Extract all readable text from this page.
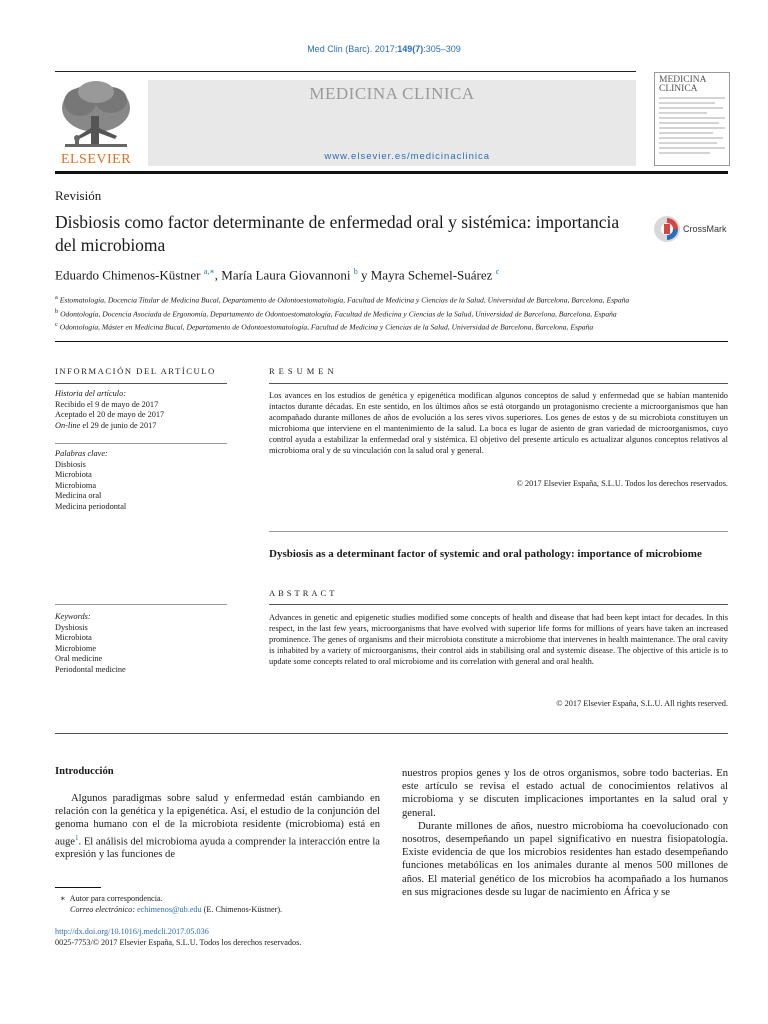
Med Clin (Barc). 2017;149(7):305–309
ELSEVIER
MEDICINA CLINICA
www.elsevier.es/medicinaclinica
MEDICINA CLINICA
Revisión
Disbiosis como factor determinante de enfermedad oral y sistémica: importancia del microbioma
CrossMark
Eduardo Chimenos-Küstner $^{a,∗}$, María Laura Giovannoni $^b$ y Mayra Schemel-Suárez $^c$
$^a$ Estomatología, Docencia Titular de Medicina Bucal, Departamento de Odontoestomatología, Facultad de Medicina y Ciencias de la Salud, Universidad de Barcelona, Barcelona, España
$^b$ Odontología, Docencia Asociada de Ergonomía, Departamento de Odontoestomatología, Facultad de Medicina y Ciencias de la Salud, Universidad de Barcelona, Barcelona, España
$^c$ Odontología, Máster en Medicina Bucal, Departamento de Odontoestomatología, Facultad de Medicina y Ciencias de la Salud, Universidad de Barcelona, Barcelona, España
INFORMACIÓN DEL ARTÍCULO
Historia del artículo:
Recibido el 9 de mayo de 2017
Aceptado el 20 de mayo de 2017
On-line el 29 de junio de 2017
Palabras clave:
Disbiosis
Microbiota
Microbioma
Medicina oral
Medicina periodontal
Keywords:
Dysbiosis
Microbiota
Microbiome
Oral medicine
Periodontal medicine
RESUMEN
Los avances en los estudios de genética y epigenética modifican algunos conceptos de salud y enfermedad que se habían mantenido intactos durante décadas. En este sentido, en los últimos años se está otorgando un protagonismo creciente a microorganismos que han acompañado durante millones de años de evolución a los seres vivos superiores. Los genes de estos y de su microbiota constituyen un microbioma que interviene en el mantenimiento de la salud. La boca es lugar de asiento de gran variedad de microorganismos, cuyo control ayuda a estabilizar la enfermedad oral y sistémica. El objetivo del presente artículo es actualizar algunos conceptos relativos al microbioma oral y de su vinculación con la salud oral y general.
© 2017 Elsevier España, S.L.U. Todos los derechos reservados.
Dysbiosis as a determinant factor of systemic and oral pathology: importance of microbiome
ABSTRACT
Advances in genetic and epigenetic studies modified some concepts of health and disease that had been kept intact for decades. In this respect, in the last few years, microorganisms that have evolved with superior life forms for millions of years have taken an increased prominence. The genes of organisms and their microbiota constitute a microbiome that intervenes in health maintenance. The oral cavity is inhabited by a variety of microorganisms, their control aids in stabilising oral and systemic disease. The objective of this article is to update some concepts related to oral microbiome and its correlation with general and oral health.
© 2017 Elsevier España, S.L.U. All rights reserved.
Introducción

Algunos paradigmas sobre salud y enfermedad están cambiando en relación con la genética y la epigenética. Así, el estudio de la conjunción del genoma humano con el de la microbiota residente (microbioma) está en auge$^1$. El análisis del microbioma ayuda a comprender la interacción entre la expresión y las funciones de

nuestros propios genes y los de otros organismos, sobre todo bacterias. En este artículo se revisa el estado actual de conocimientos relativos al microbioma y se discuten implicaciones importantes en la salud oral y general.

Durante millones de años, nuestro microbioma ha coevolucionado con nosotros, desempeñando un papel significativo en nuestra fisiopatología. Existe evidencia de que los microbios residentes han estado desempeñando funciones metabólicas en los animales durante al menos 500 millones de años. El material genético de los microbios ha acompañado a los humanos en sus migraciones desde su lugar de nacimiento en África y se

∗ Autor para correspondencia.
Correo electrónico: echimenos@ub.edu (E. Chimenos-Küstner).
http://dx.doi.org/10.1016/j.medcli.2017.05.036
0025-7753/© 2017 Elsevier España, S.L.U. Todos los derechos reservados.
